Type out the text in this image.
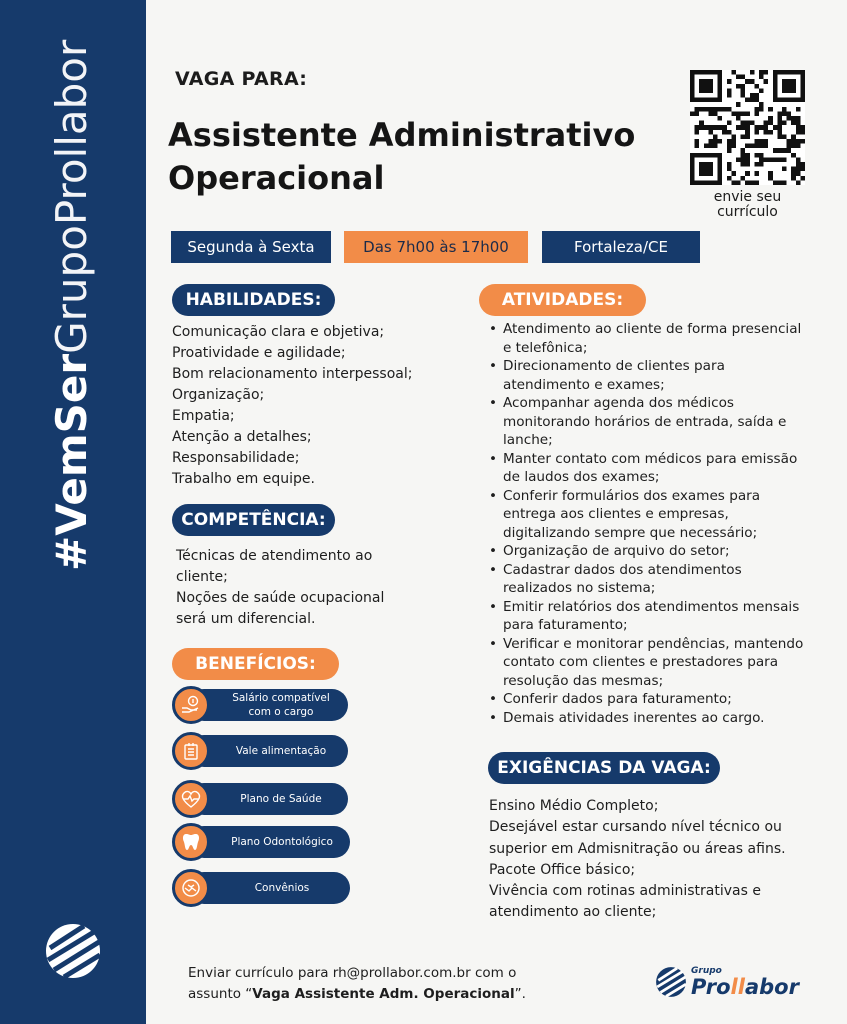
#VemSerGrupoProllabor	VAGA PARA:
Assistente Administrativo
Operacional	envie seu
currículo
Segunda à Sexta	Das 7h00 às 17h00	Fortaleza/CE
HABILIDADES:
Comunicação clara e objetiva;
Proatividade e agilidade;
Bom relacionamento interpessoal;
Organização;
Empatia;
Atenção a detalhes;
Responsabilidade;
Trabalho em equipe.
COMPETÊNCIA:
Técnicas de atendimento ao
cliente;
Noções de saúde ocupacional
será um diferencial.
BENEFÍCIOS:
Salário compatível
com o cargo
Vale alimentação
Plano de Saúde
Plano Odontológico
Convênios
ATIVIDADES:
• Atendimento ao cliente de forma presencial
e telefônica;
• Direcionamento de clientes para
atendimento e exames;
• Acompanhar agenda dos médicos
monitorando horários de entrada, saída e
lanche;
• Manter contato com médicos para emissão
de laudos dos exames;
• Conferir formulários dos exames para
entrega aos clientes e empresas,
digitalizando sempre que necessário;
• Organização de arquivo do setor;
• Cadastrar dados dos atendimentos
realizados no sistema;
• Emitir relatórios dos atendimentos mensais
para faturamento;
• Verificar e monitorar pendências, mantendo
contato com clientes e prestadores para
resolução das mesmas;
• Conferir dados para faturamento;
• Demais atividades inerentes ao cargo.
EXIGÊNCIAS DA VAGA:
Ensino Médio Completo;
Desejável estar cursando nível técnico ou
superior em Admisnitração ou áreas afins.
Pacote Office básico;
Vivência com rotinas administrativas e
atendimento ao cliente;
Enviar currículo para rh@prollabor.com.br com o
assunto “Vaga Assistente Adm. Operacional”.
Grupo
Prollabor
